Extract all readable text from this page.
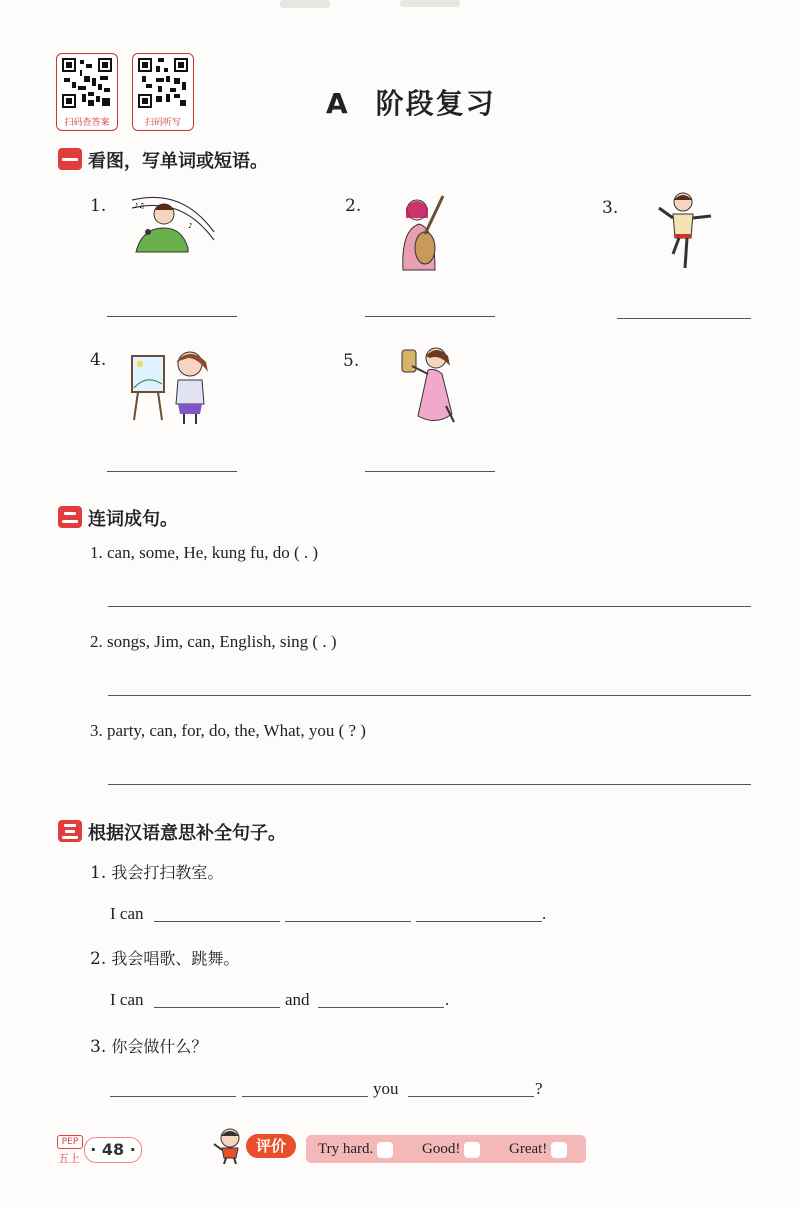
扫码查答案	扫码听写
A 阶段复习
看图，写单词或短语。
1.	♪♫
♪
2.	3.
4.	5.
连词成句。
1. can, some, He, kung fu, do ( . )
2. songs, Jim, can, English, sing ( . )
3. party, can, for, do, the, What, you ( ? )
根据汉语意思补全句子。
1. 我会打扫教室。
I can	.
2. 我会唱歌、跳舞。
I can	and	.
3. 你会做什么？
you	?
PEP
五上 · 48 ·	评价	Try hard.	Good!	Great!
